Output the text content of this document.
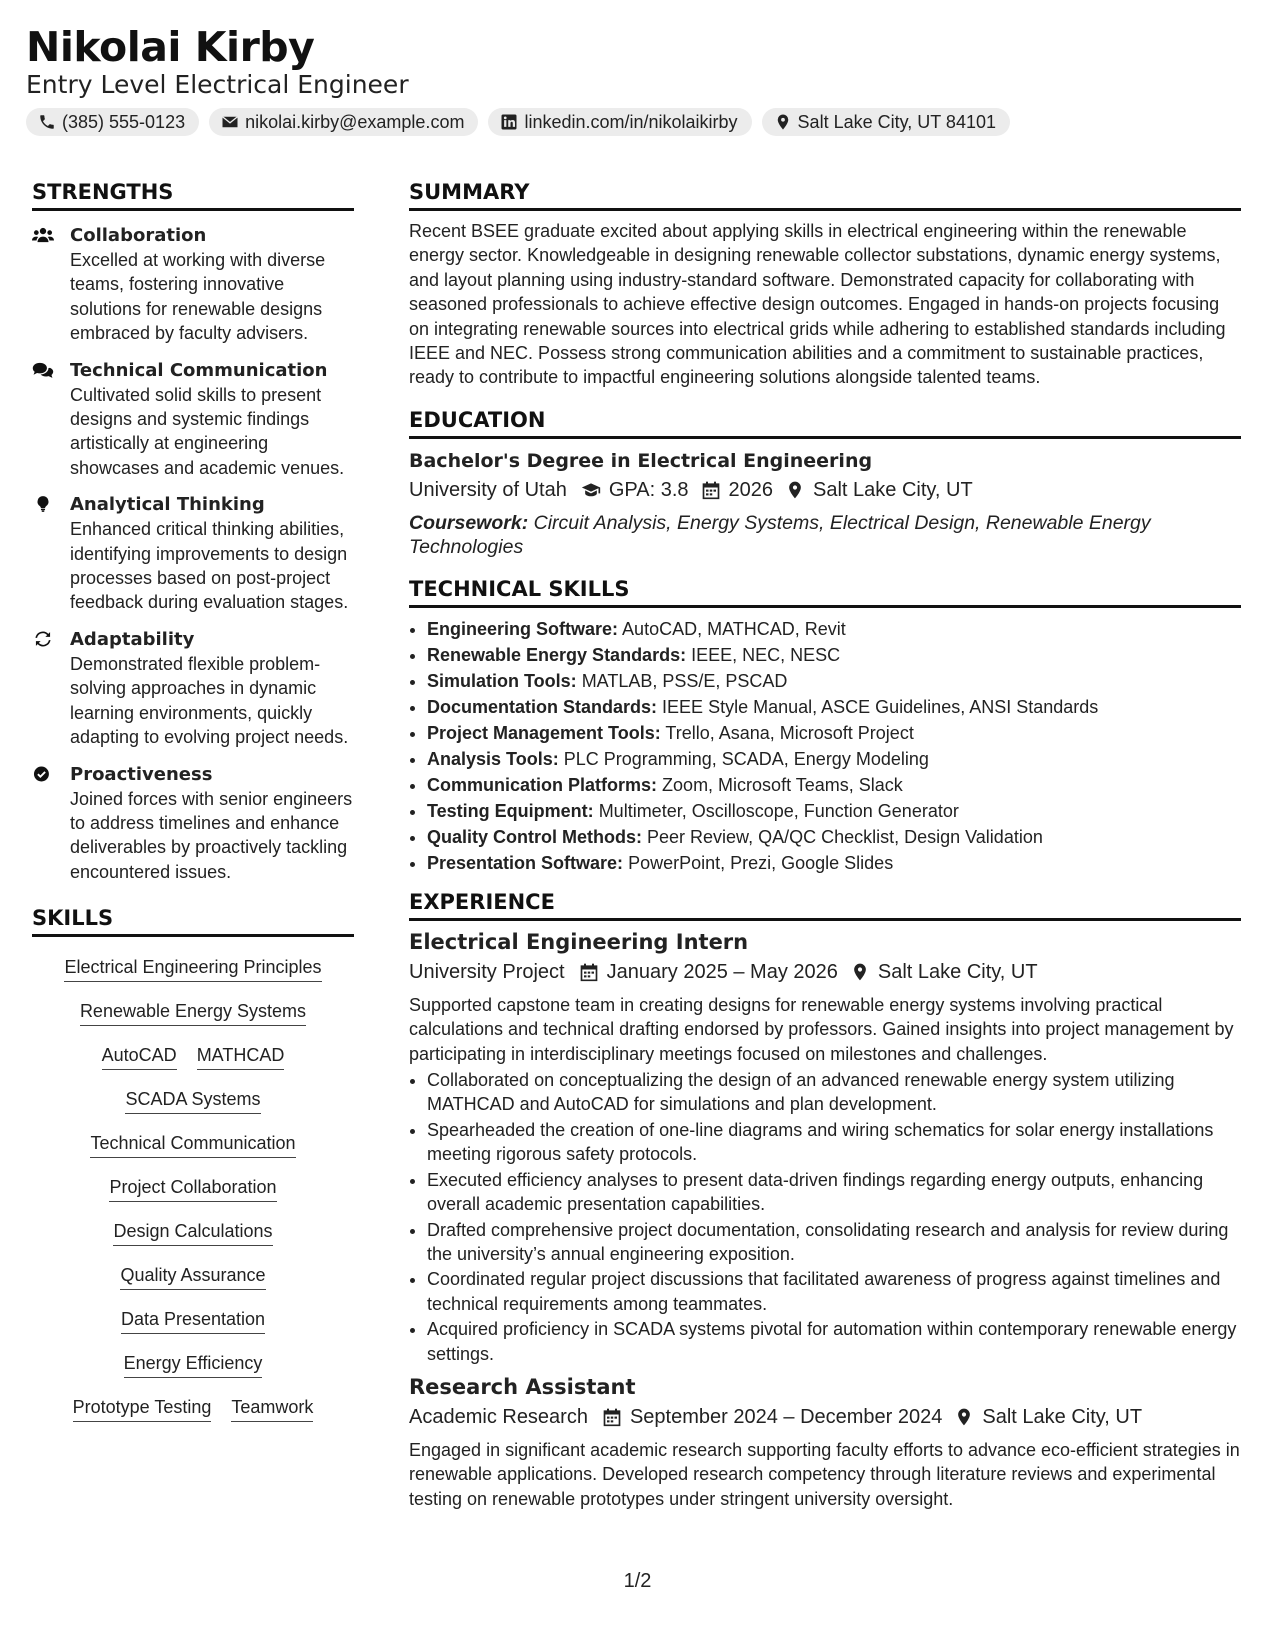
Nikolai Kirby
Entry Level Electrical Engineer
(385) 555-0123	nikolai.kirby@example.com	linkedin.com/in/nikolaikirby	Salt Lake City, UT 84101
STRENGTHS
Collaboration
Excelled at working with diverse teams, fostering innovative solutions for renewable designs embraced by faculty advisers.
Technical Communication
Cultivated solid skills to present designs and systemic findings artistically at engineering showcases and academic venues.
Analytical Thinking
Enhanced critical thinking abilities, identifying improvements to design processes based on post-project feedback during evaluation stages.
Adaptability
Demonstrated flexible problem-solving approaches in dynamic learning environments, quickly adapting to evolving project needs.
Proactiveness
Joined forces with senior engineers to address timelines and enhance deliverables by proactively tackling encountered issues.
SKILLS
Electrical Engineering Principles
Renewable Energy Systems
AutoCAD MATHCAD
SCADA Systems
Technical Communication
Project Collaboration
Design Calculations
Quality Assurance
Data Presentation
Energy Efficiency
Prototype Testing Teamwork
SUMMARY
Recent BSEE graduate excited about applying skills in electrical engineering within the renewable energy sector. Knowledgeable in designing renewable collector substations, dynamic energy systems, and layout planning using industry-standard software. Demonstrated capacity for collaborating with seasoned professionals to achieve effective design outcomes. Engaged in hands-on projects focusing on integrating renewable sources into electrical grids while adhering to established standards including IEEE and NEC. Possess strong communication abilities and a commitment to sustainable practices, ready to contribute to impactful engineering solutions alongside talented teams.
EDUCATION
Bachelor's Degree in Electrical Engineering
University of Utah GPA: 3.8 2026 Salt Lake City, UT
Coursework: Circuit Analysis, Energy Systems, Electrical Design, Renewable Energy Technologies
TECHNICAL SKILLS
• Engineering Software: AutoCAD, MATHCAD, Revit
• Renewable Energy Standards: IEEE, NEC, NESC
• Simulation Tools: MATLAB, PSS/E, PSCAD
• Documentation Standards: IEEE Style Manual, ASCE Guidelines, ANSI Standards
• Project Management Tools: Trello, Asana, Microsoft Project
• Analysis Tools: PLC Programming, SCADA, Energy Modeling
• Communication Platforms: Zoom, Microsoft Teams, Slack
• Testing Equipment: Multimeter, Oscilloscope, Function Generator
• Quality Control Methods: Peer Review, QA/QC Checklist, Design Validation
• Presentation Software: PowerPoint, Prezi, Google Slides
EXPERIENCE
Electrical Engineering Intern
University Project January 2025 – May 2026 Salt Lake City, UT
Supported capstone team in creating designs for renewable energy systems involving practical calculations and technical drafting endorsed by professors. Gained insights into project management by participating in interdisciplinary meetings focused on milestones and challenges.
• Collaborated on conceptualizing the design of an advanced renewable energy system utilizing MATHCAD and AutoCAD for simulations and plan development.
• Spearheaded the creation of one-line diagrams and wiring schematics for solar energy installations meeting rigorous safety protocols.
• Executed efficiency analyses to present data-driven findings regarding energy outputs, enhancing overall academic presentation capabilities.
• Drafted comprehensive project documentation, consolidating research and analysis for review during the university’s annual engineering exposition.
• Coordinated regular project discussions that facilitated awareness of progress against timelines and technical requirements among teammates.
• Acquired proficiency in SCADA systems pivotal for automation within contemporary renewable energy settings.
Research Assistant
Academic Research September 2024 – December 2024 Salt Lake City, UT
Engaged in significant academic research supporting faculty efforts to advance eco-efficient strategies in renewable applications. Developed research competency through literature reviews and experimental testing on renewable prototypes under stringent university oversight.
1/2
